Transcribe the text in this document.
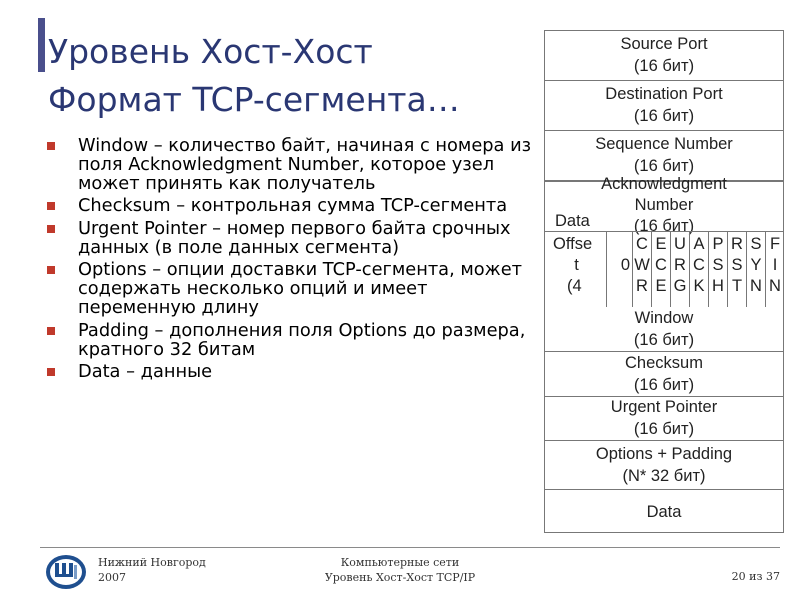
Уровень Хост-Хост
Формат TCP-сегмента…
Window – количество байт, начиная с номера из поля Acknowledgment Number, которое узел может принять как получатель
Checksum – контрольная сумма TCP-сегмента
Urgent Pointer – номер первого байта срочных данных (в поле данных сегмента)
Options – опции доставки TCP-сегмента, может содержать несколько опций и имеет переменную длину
Padding – дополнения поля Options до размера, кратного 32 битам
Data – данные
Source Port
(16 бит)
Destination Port
(16 бит)
Sequence Number
(16 бит)
Acknowledgment
Number
(16 бит)
Offse
t
(4
0
C
W
R
E
C
E
U
R
G
A
C
K
P
S
H
R
S
T
S
Y
N
F
I
N
Data
Window
(16 бит)
Checksum
(16 бит)
Urgent Pointer
(16 бит)
Options + Padding
(N* 32 бит)
Data
Нижний Новгород
2007
Компьютерные сети
Уровень Хост-Хост TCP/IP	20 из 37
